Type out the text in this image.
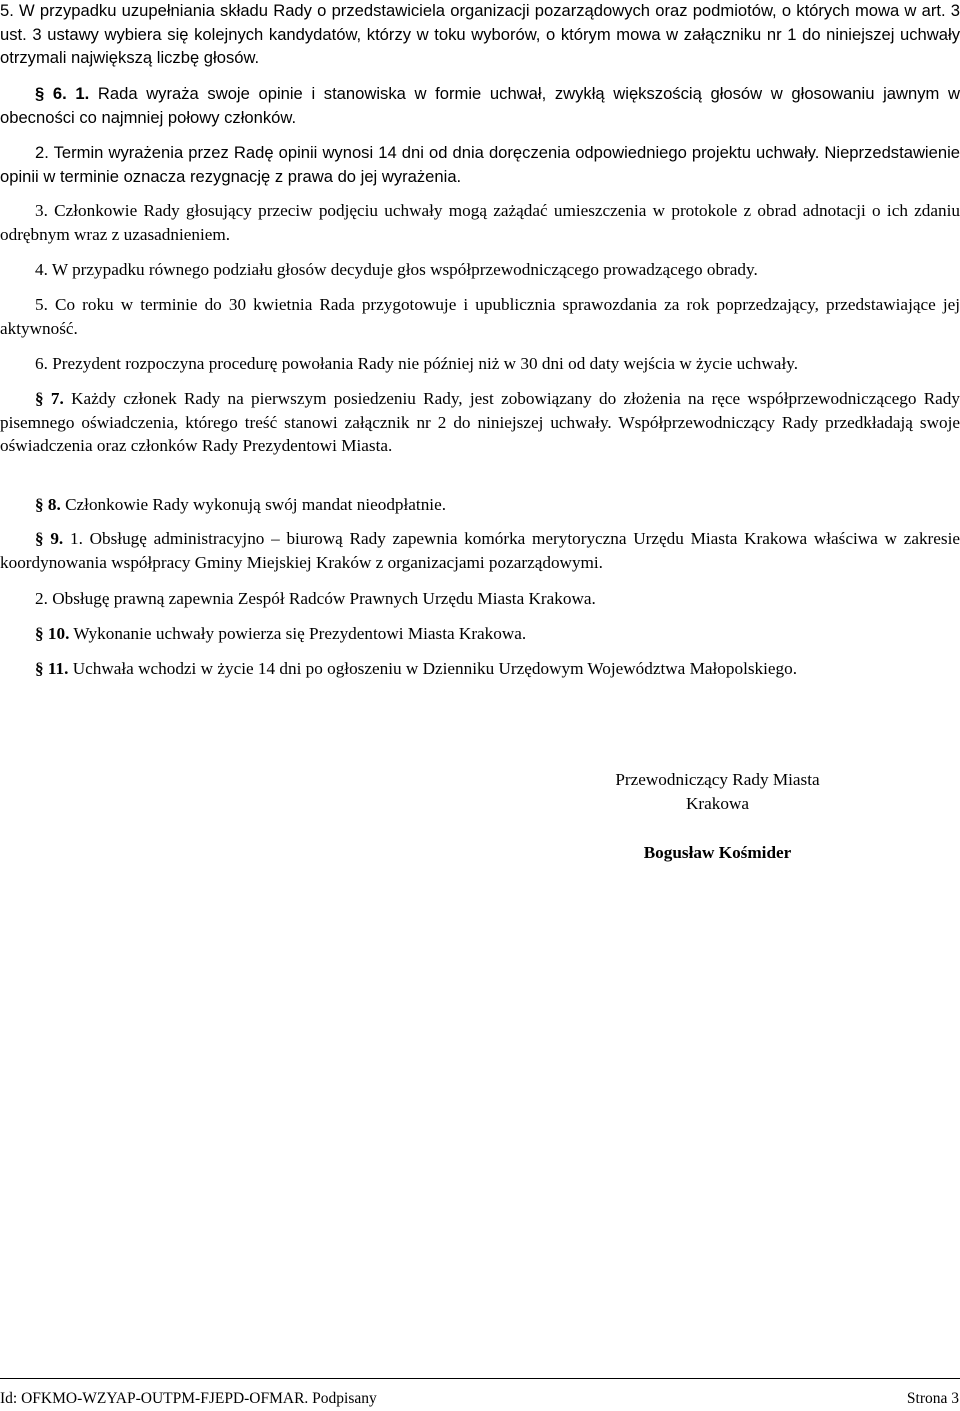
5. W przypadku uzupełniania składu Rady o przedstawiciela organizacji pozarządowych oraz podmiotów, o których mowa w art. 3 ust. 3 ustawy wybiera się kolejnych kandydatów, którzy w toku wyborów, o którym mowa w załączniku nr 1 do niniejszej uchwały otrzymali największą liczbę głosów.

§ 6. 1. Rada wyraża swoje opinie i stanowiska w formie uchwał, zwykłą większością głosów w głosowaniu jawnym w obecności co najmniej połowy członków.

2. Termin wyrażenia przez Radę opinii wynosi 14 dni od dnia doręczenia odpowiedniego projektu uchwały. Nieprzedstawienie opinii w terminie oznacza rezygnację z prawa do jej wyrażenia.

3. Członkowie Rady głosujący przeciw podjęciu uchwały mogą zażądać umieszczenia w protokole z obrad adnotacji o ich zdaniu odrębnym wraz z uzasadnieniem.

4. W przypadku równego podziału głosów decyduje głos współprzewodniczącego prowadzącego obrady.

5. Co roku w terminie do 30 kwietnia Rada przygotowuje i upublicznia sprawozdania za rok poprzedzający, przedstawiające jej aktywność.

6. Prezydent rozpoczyna procedurę powołania Rady nie później niż w 30 dni od daty wejścia w życie uchwały.

§ 7. Każdy członek Rady na pierwszym posiedzeniu Rady, jest zobowiązany do złożenia na ręce współprzewodniczącego Rady pisemnego oświadczenia, którego treść stanowi załącznik nr 2 do niniejszej uchwały. Współprzewodniczący Rady przedkładają swoje oświadczenia oraz członków Rady Prezydentowi Miasta.

§ 8. Członkowie Rady wykonują swój mandat nieodpłatnie.

§ 9. 1. Obsługę administracyjno – biurową Rady zapewnia komórka merytoryczna Urzędu Miasta Krakowa właściwa w zakresie koordynowania współpracy Gminy Miejskiej Kraków z organizacjami pozarządowymi.

2. Obsługę prawną zapewnia Zespół Radców Prawnych Urzędu Miasta Krakowa.

§ 10. Wykonanie uchwały powierza się Prezydentowi Miasta Krakowa.

§ 11. Uchwała wchodzi w życie 14 dni po ogłoszeniu w Dzienniku Urzędowym Województwa Małopolskiego.

Przewodniczący Rady Miasta
Krakowa
Bogusław Kośmider
Id: OFKMO-WZYAP-OUTPM-FJEPD-OFMAR. Podpisany	Strona 3
